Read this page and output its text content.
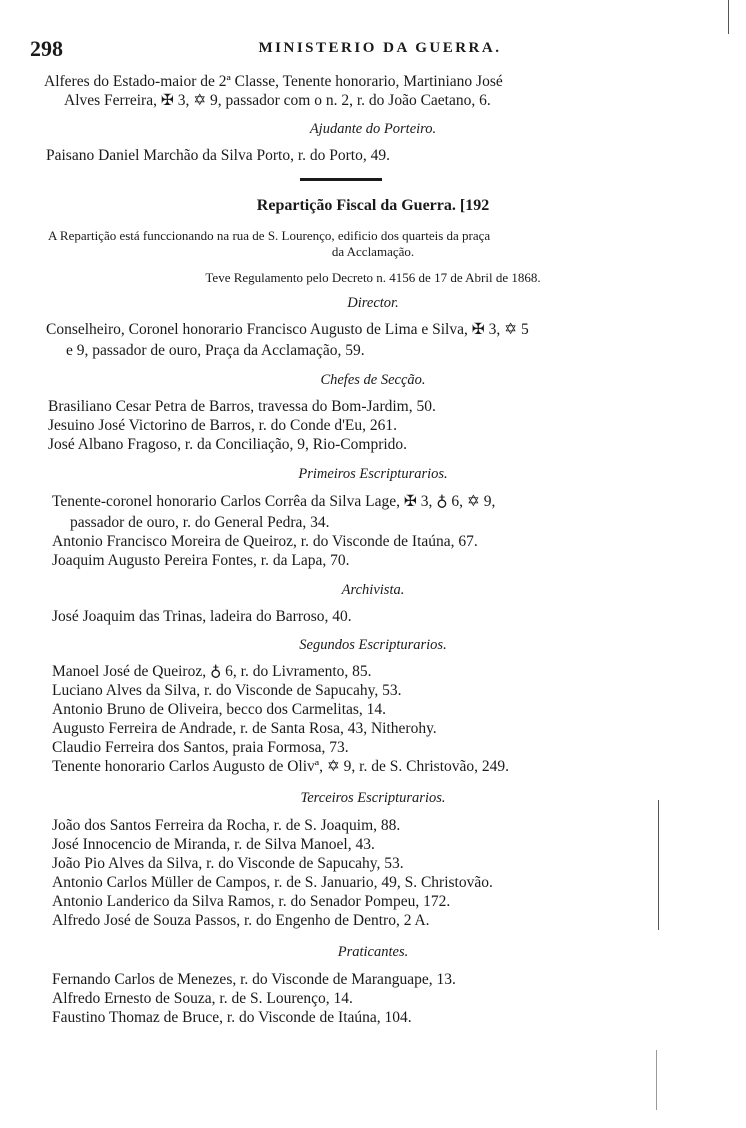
298	MINISTERIO DA GUERRA.
Alferes do Estado-maior de 2ª Classe, Tenente honorario, Martiniano José
Alves Ferreira, ✠ 3, ✡ 9, passador com o n. 2, r. do João Caetano, 6.
Ajudante do Porteiro.
Paisano Daniel Marchão da Silva Porto, r. do Porto, 49.
Repartição Fiscal da Guerra. [192
A Repartição está funccionando na rua de S. Lourenço, edificio dos quarteis da praça
da Acclamação.
Teve Regulamento pelo Decreto n. 4156 de 17 de Abril de 1868.
Director.
Conselheiro, Coronel honorario Francisco Augusto de Lima e Silva, ✠ 3, ✡ 5
e 9, passador de ouro, Praça da Acclamação, 59.
Chefes de Secção.
Brasiliano Cesar Petra de Barros, travessa do Bom-Jardim, 50.
Jesuino José Victorino de Barros, r. do Conde d'Eu, 261.
José Albano Fragoso, r. da Conciliação, 9, Rio-Comprido.
Primeiros Escripturarios.
Tenente-coronel honorario Carlos Corrêa da Silva Lage, ✠ 3, ♁ 6, ✡ 9,
passador de ouro, r. do General Pedra, 34.
Antonio Francisco Moreira de Queiroz, r. do Visconde de Itaúna, 67.
Joaquim Augusto Pereira Fontes, r. da Lapa, 70.
Archivista.
José Joaquim das Trinas, ladeira do Barroso, 40.
Segundos Escripturarios.
Manoel José de Queiroz, ♁ 6, r. do Livramento, 85.
Luciano Alves da Silva, r. do Visconde de Sapucahy, 53.
Antonio Bruno de Oliveira, becco dos Carmelitas, 14.
Augusto Ferreira de Andrade, r. de Santa Rosa, 43, Nitherohy.
Claudio Ferreira dos Santos, praia Formosa, 73.
Tenente honorario Carlos Augusto de Olivª, ✡ 9, r. de S. Christovão, 249.
Terceiros Escripturarios.
João dos Santos Ferreira da Rocha, r. de S. Joaquim, 88.
José Innocencio de Miranda, r. de Silva Manoel, 43.
João Pio Alves da Silva, r. do Visconde de Sapucahy, 53.
Antonio Carlos Müller de Campos, r. de S. Januario, 49, S. Christovão.
Antonio Landerico da Silva Ramos, r. do Senador Pompeu, 172.
Alfredo José de Souza Passos, r. do Engenho de Dentro, 2 A.
Praticantes.
Fernando Carlos de Menezes, r. do Visconde de Maranguape, 13.
Alfredo Ernesto de Souza, r. de S. Lourenço, 14.
Faustino Thomaz de Bruce, r. do Visconde de Itaúna, 104.
